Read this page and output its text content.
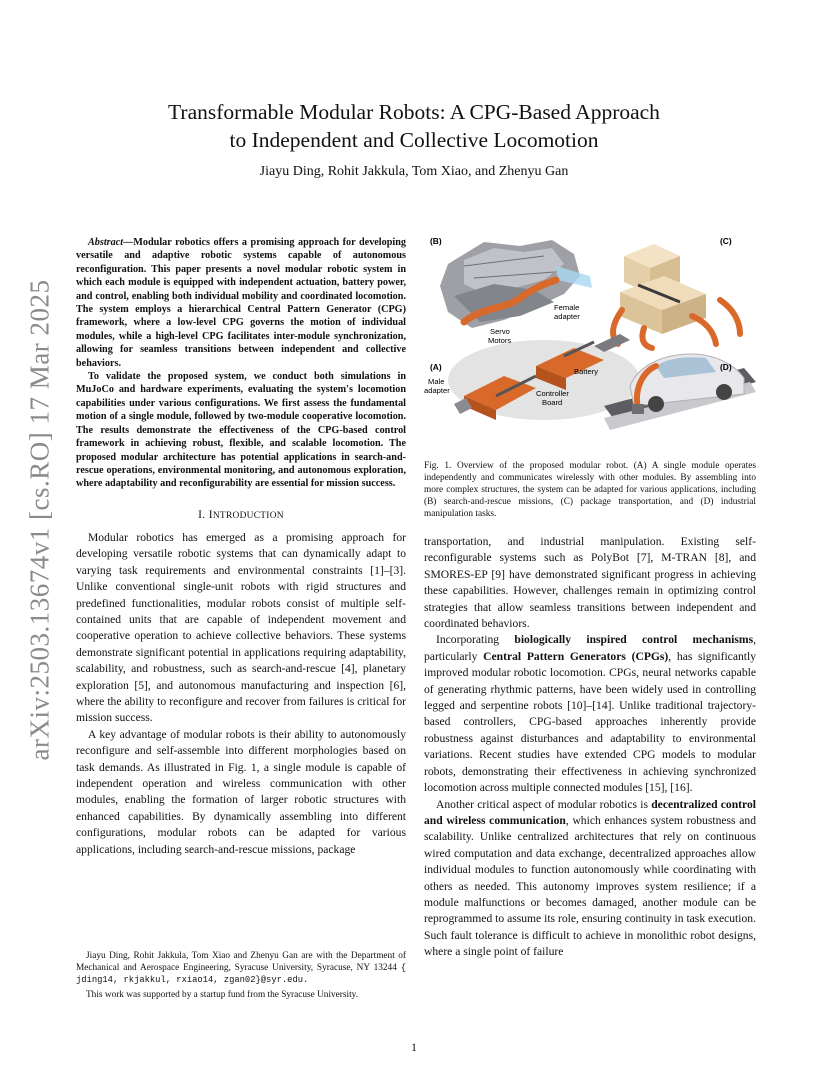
arXiv:2503.13674v1 [cs.RO] 17 Mar 2025
Transformable Modular Robots: A CPG-Based Approach
to Independent and Collective Locomotion
Jiayu Ding, Rohit Jakkula, Tom Xiao, and Zhenyu Gan

Abstract—Modular robotics offers a promising approach for developing versatile and adaptive robotic systems capable of autonomous reconfiguration. This paper presents a novel modular robotic system in which each module is equipped with independent actuation, battery power, and control, enabling both individual mobility and coordinated locomotion. The system employs a hierarchical Central Pattern Generator (CPG) framework, where a low-level CPG governs the motion of individual modules, while a high-level CPG facilitates inter-module synchronization, allowing for seamless transitions between independent and collective behaviors.

To validate the proposed system, we conduct both simulations in MuJoCo and hardware experiments, evaluating the system's locomotion capabilities under various configurations. We first assess the fundamental motion of a single module, followed by two-module cooperative locomotion. The results demonstrate the effectiveness of the CPG-based control framework in achieving robust, flexible, and scalable locomotion. The proposed modular architecture has potential applications in search-and-rescue operations, environmental monitoring, and autonomous exploration, where adaptability and reconfigurability are essential for mission success.

I. INTRODUCTION

Modular robotics has emerged as a promising approach for developing versatile robotic systems that can dynamically adapt to varying task requirements and environmental constraints [1]–[3]. Unlike conventional single-unit robots with rigid structures and predefined functionalities, modular robots consist of multiple self-contained units that are capable of independent movement and cooperative operation to achieve collective behaviors. These systems demonstrate significant potential in applications requiring adaptability, scalability, and robustness, such as search-and-rescue [4], planetary exploration [5], and autonomous manufacturing and inspection [6], where the ability to reconfigure and recover from failures is critical for mission success.

A key advantage of modular robots is their ability to autonomously reconfigure and self-assemble into different morphologies based on task demands. As illustrated in Fig. 1, a single module is capable of independent operation and wireless communication with other modules, enabling the formation of larger robotic structures with enhanced capabilities. By dynamically assembling into different configurations, modular robots can be adapted for various applications, including search-and-rescue missions, package

Jiayu Ding, Rohit Jakkula, Tom Xiao and Zhenyu Gan are with the Department of Mechanical and Aerospace Engineering, Syracuse University, Syracuse, NY 13244 { jding14, rkjakkul, rxiao14, zgan02}@syr.edu.

This work was supported by a startup fund from the Syracuse University.

(B)	(C)
(A)
Female
adapter
Servo
Motors
Battery
Male
adapter	Controller
Board
(D)
Fig. 1. Overview of the proposed modular robot. (A) A single module operates independently and communicates wirelessly with other modules. By assembling into more complex structures, the system can be adapted for various applications, including (B) search-and-rescue missions, (C) package transportation, and (D) industrial manipulation tasks.

transportation, and industrial manipulation. Existing self-reconfigurable systems such as PolyBot [7], M-TRAN [8], and SMORES-EP [9] have demonstrated significant progress in achieving these capabilities. However, challenges remain in optimizing control strategies that allow seamless transitions between independent and coordinated behaviors.

Incorporating biologically inspired control mechanisms, particularly Central Pattern Generators (CPGs), has significantly improved modular robotic locomotion. CPGs, neural networks capable of generating rhythmic patterns, have been widely used in controlling legged and serpentine robots [10]–[14]. Unlike traditional trajectory-based controllers, CPG-based approaches inherently provide robustness against disturbances and adaptability to environmental variations. Recent studies have extended CPG models to modular robots, demonstrating their effectiveness in achieving synchronized locomotion across multiple connected modules [15], [16].

Another critical aspect of modular robotics is decentralized control and wireless communication, which enhances system robustness and scalability. Unlike centralized architectures that rely on continuous wired computation and data exchange, decentralized approaches allow individual modules to function autonomously while coordinating with others as needed. This autonomy improves system resilience; if a module malfunctions or becomes damaged, another module can be reprogrammed to assume its role, ensuring continuity in task execution. Such fault tolerance is difficult to achieve in monolithic robot designs, where a single point of failure

1
